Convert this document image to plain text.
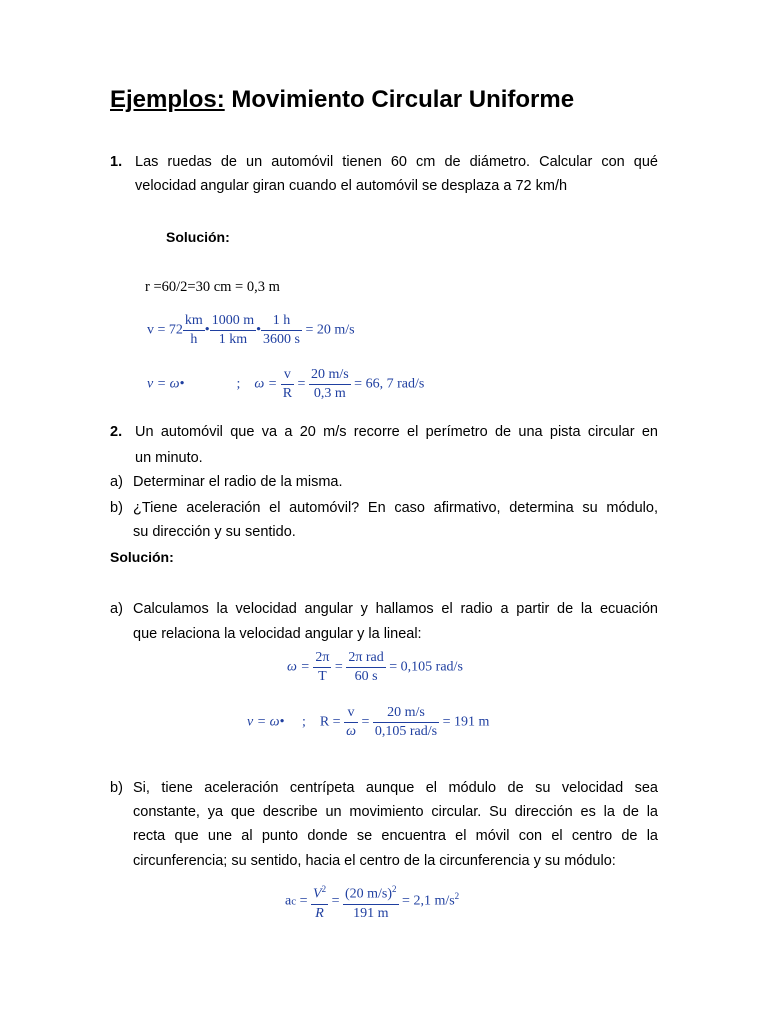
Ejemplos: Movimiento Circular Uniforme
1. Las ruedas de un automóvil tienen 60 cm de diámetro. Calcular con qué
velocidad angular giran cuando el automóvil se desplaza a 72 km/h
Solución:
r =60/2=30 cm = 0,3 m
$v = 72 \frac{km}{h}$ • $\frac{1000 m}{1 km}$ • $\frac{1 h}{3600 s} = 20$ m/s
v = ω•	; $\omega = \frac{v}{R} = \frac{20 m/s}{0,3 m} = 66$, 7 rad/s
2. Un automóvil que va a 20 m/s recorre el perímetro de una pista circular en
un minuto.
a) Determinar el radio de la misma.
b) ¿Tiene aceleración el automóvil? En caso afirmativo, determina su módulo,
su dirección y su sentido.
Solución:
a) Calculamos la velocidad angular y hallamos el radio a partir de la ecuación
que relaciona la velocidad angular y la lineal:
$\omega = \frac{2\pi}{T} = \frac{\text{2π rad}}{60 s} = 0,105$ rad/s
v = ω• ; $R = \frac{v}{\omega} = \frac{20 m/s}{\text{0,105 rad/s}} = 191$ m
b) Si, tiene aceleración centrípeta aunque el módulo de su velocidad sea
constante, ya que describe un movimiento circular. Su dirección es la de la
recta que une al punto donde se encuentra el móvil con el centro de la
circunferencia; su sentido, hacia el centro de la circunferencia y su módulo:
ac = $\frac{V^2}{R} = \frac{(20 m/s)^2}{191 m} = 2,1$ $m/s^2$
